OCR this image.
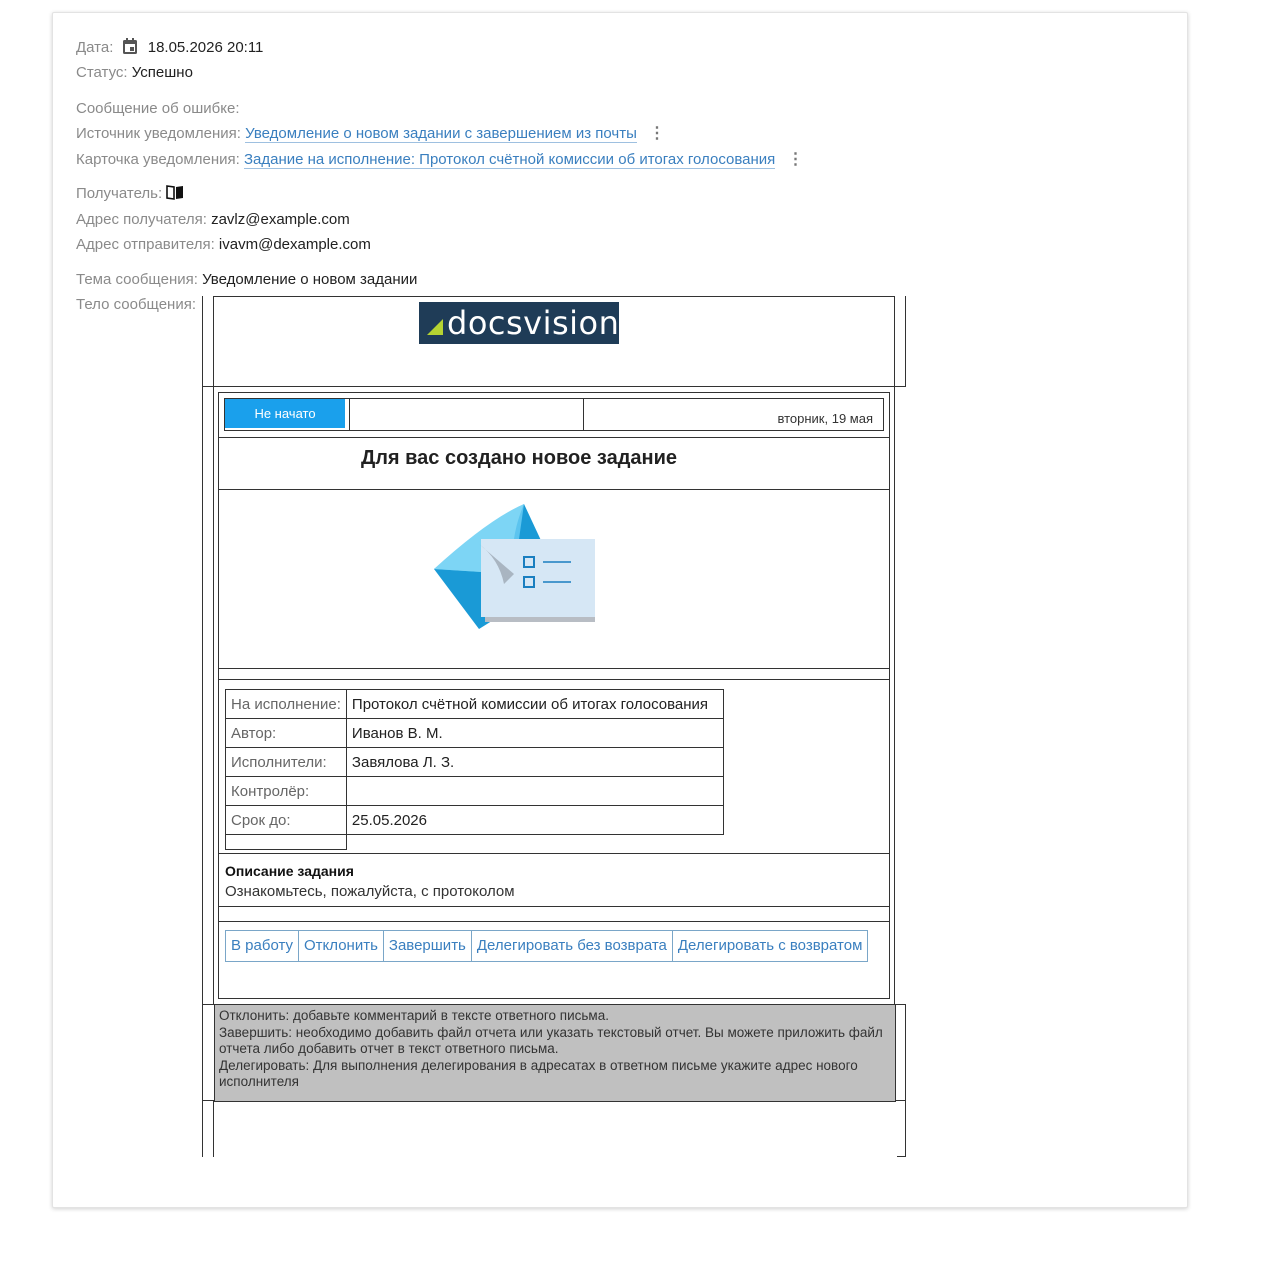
Дата: 18.05.2026 20:11
Статус: Успешно
Сообщение об ошибке:
Источник уведомления: Уведомление о новом задании с завершением из почты ⋮
Карточка уведомления: Задание на исполнение: Протокол счётной комиссии об итогах голосования ⋮
Получатель:
Адрес получателя: zavlz@example.com
Адрес отправителя: ivavm@dexample.com
Тема сообщения: Уведомление о новом задании
Тело сообщения:	docsvision
вторник, 19 мая
Не начато
Для вас создано новое задание
На исполнение:	Протокол счётной комиссии об итогах голосования
Автор:	Иванов В. М.
Исполнители:	Завялова Л. З.
Контролёр:	
Срок до:	25.05.2026
Описание задания
Ознакомьтесь, пожалуйста, с протоколом
В работу Отклонить Завершить Делегировать без возврата Делегировать с возвратом

Отклонить: добавьте комментарий в тексте ответного письма.

Завершить: необходимо добавить файл отчета или указать текстовый отчет. Вы можете приложить файл отчета либо добавить отчет в текст ответного письма.

Делегировать: Для выполнения делегирования в адресатах в ответном письме укажите адрес нового исполнителя
